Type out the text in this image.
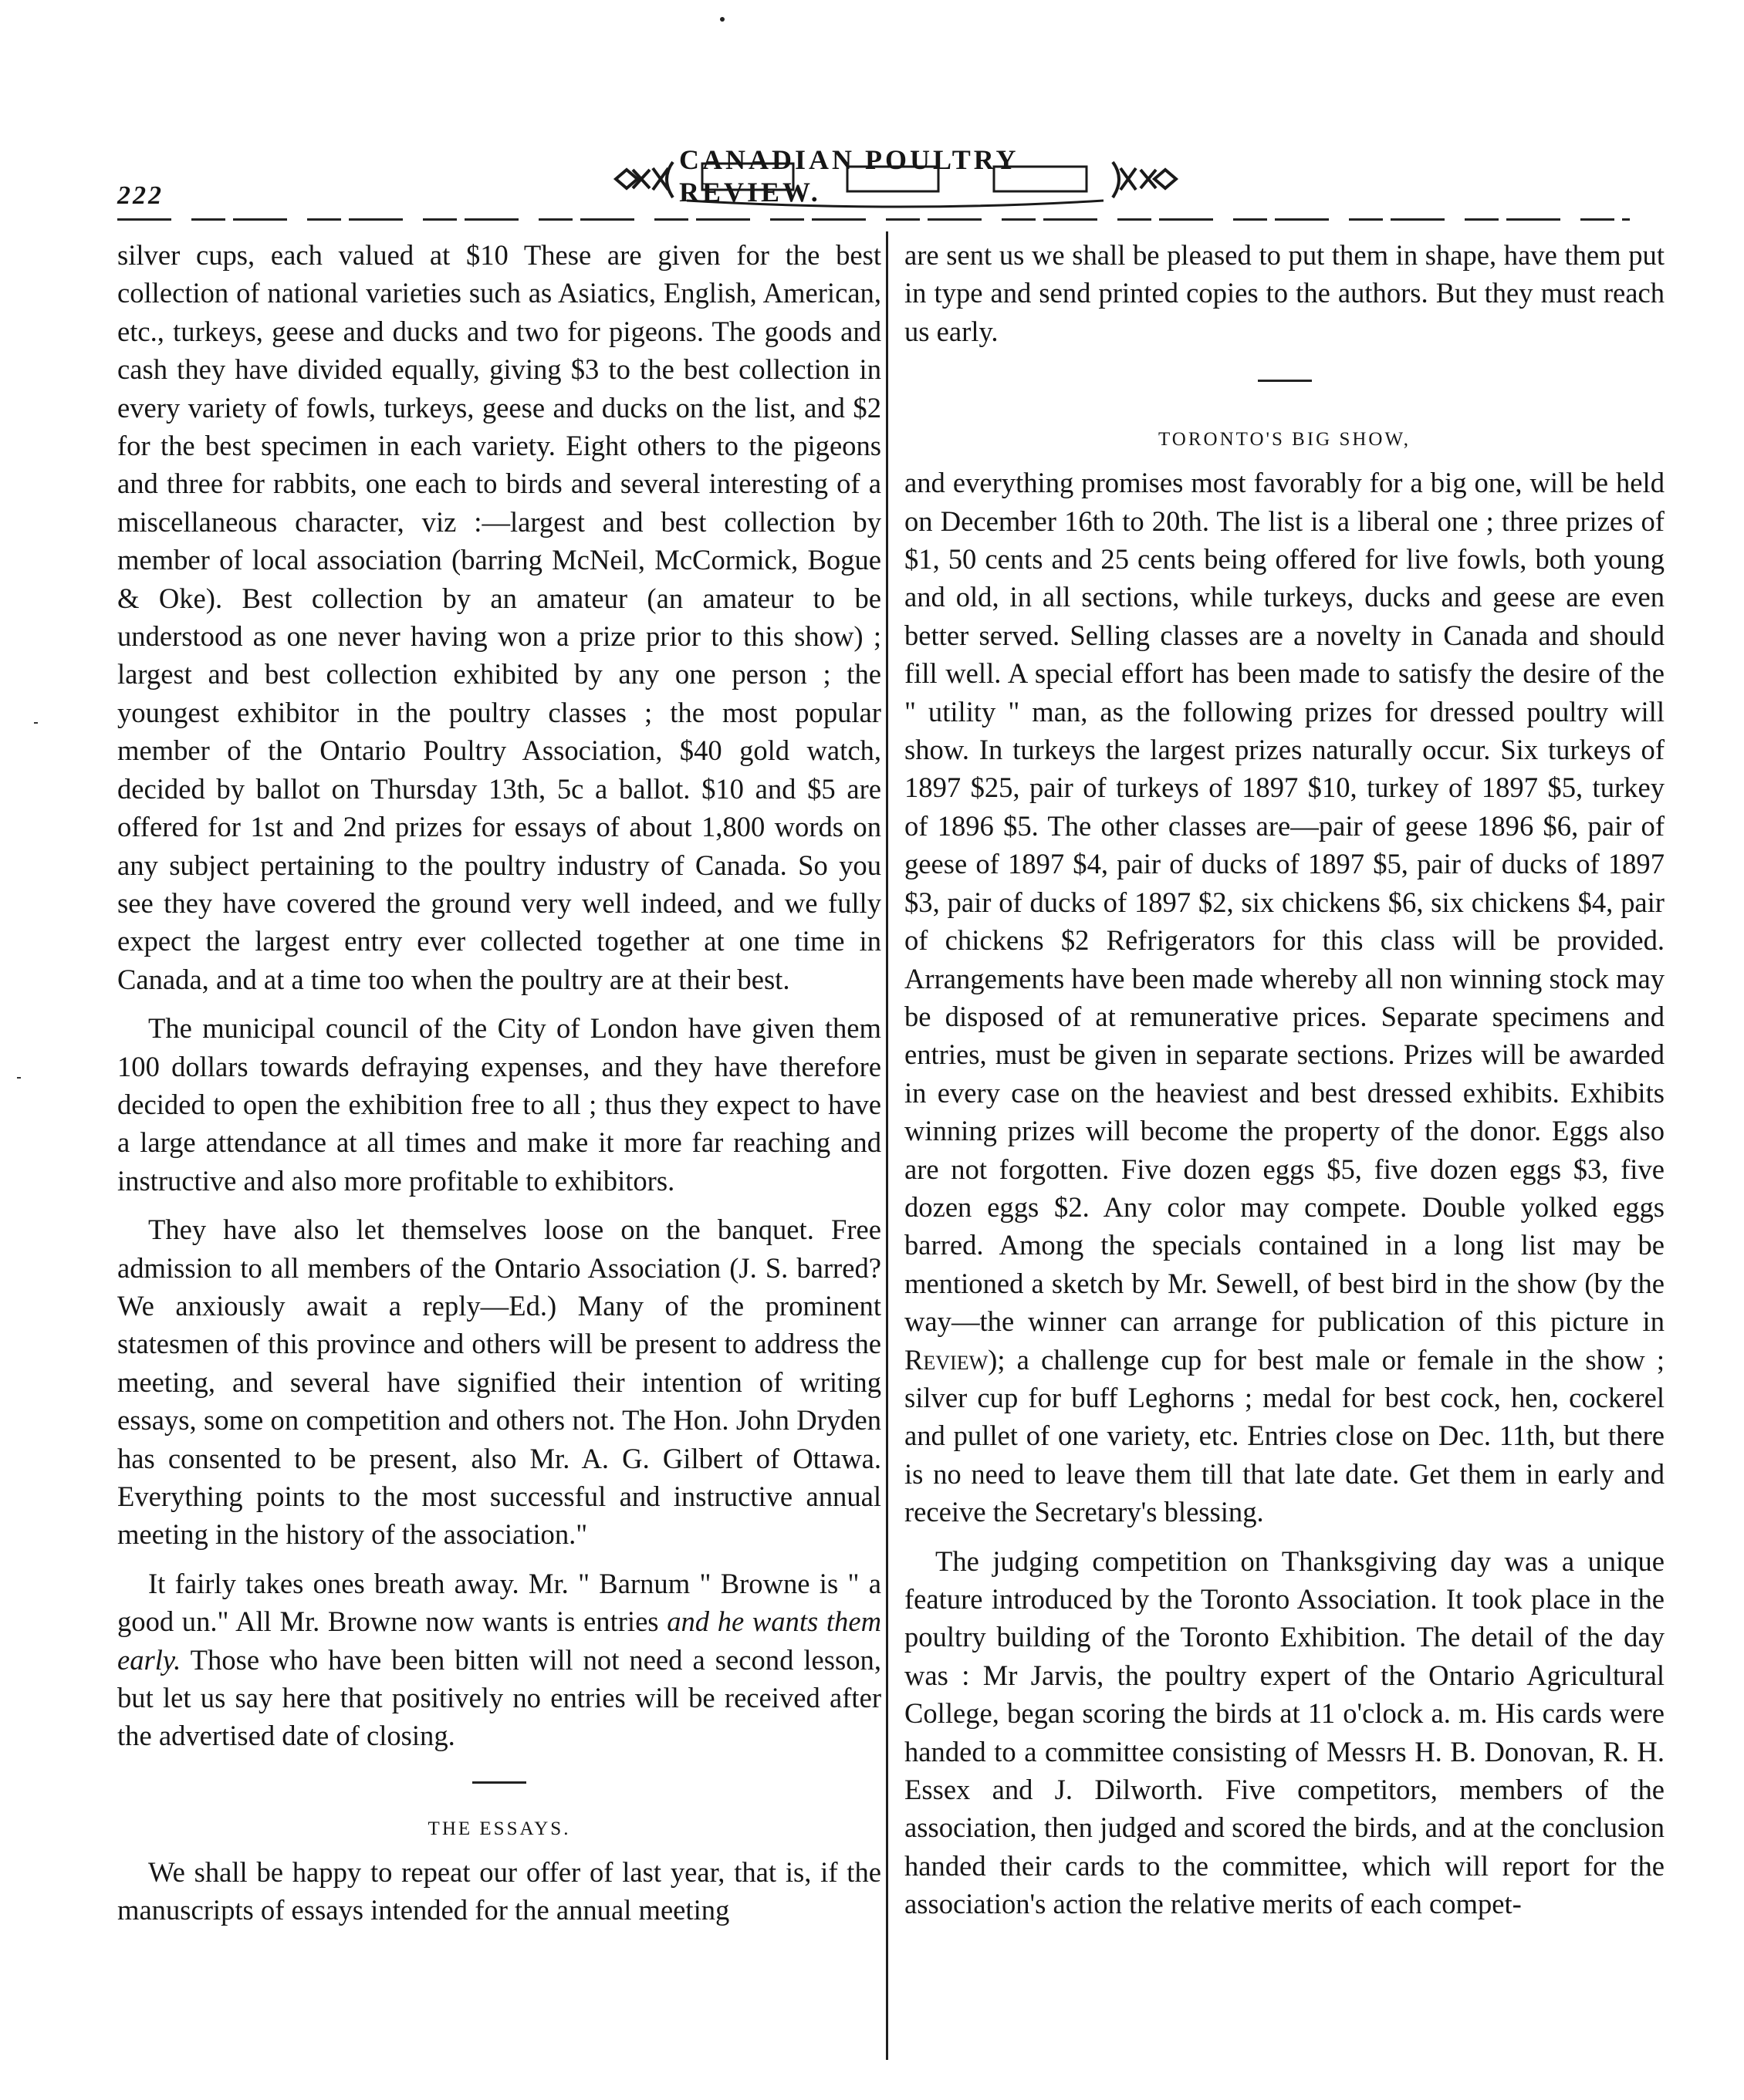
222
CANADIAN POULTRY REVIEW.

silver cups, each valued at $10 These are given for the best collection of national varieties such as Asiatics, English, American, etc., turkeys, geese and ducks and two for pigeons. The goods and cash they have divided equally, giving $3 to the best collection in every variety of fowls, turkeys, geese and ducks on the list, and $2 for the best specimen in each variety. Eight others to the pigeons and three for rabbits, one each to birds and several interesting of a miscellaneous character, viz :—largest and best collection by member of local association (barring McNeil, McCormick, Bogue & Oke). Best collection by an amateur (an amateur to be understood as one never having won a prize prior to this show) ; largest and best collection exhibited by any one person ; the youngest exhibitor in the poultry classes ; the most popular member of the Ontario Poultry Association, $40 gold watch, decided by ballot on Thursday 13th, 5c a ballot. $10 and $5 are offered for 1st and 2nd prizes for essays of about 1,800 words on any subject pertaining to the poultry industry of Canada. So you see they have covered the ground very well indeed, and we fully expect the largest entry ever collected together at one time in Canada, and at a time too when the poultry are at their best.

The municipal council of the City of London have given them 100 dollars towards defraying expenses, and they have therefore decided to open the exhibition free to all ; thus they expect to have a large attendance at all times and make it more far reaching and instructive and also more profitable to exhibitors.

They have also let themselves loose on the banquet. Free admission to all members of the Ontario Association (J. S. barred? We anxiously await a reply—Ed.) Many of the prominent statesmen of this province and others will be present to address the meeting, and several have signified their intention of writing essays, some on competition and others not. The Hon. John Dryden has consented to be present, also Mr. A. G. Gilbert of Ottawa. Everything points to the most successful and instructive annual meeting in the history of the association."

It fairly takes ones breath away. Mr. " Barnum " Browne is " a good un." All Mr. Browne now wants is entries and he wants them early. Those who have been bitten will not need a second lesson, but let us say here that positively no entries will be received after the advertised date of closing.

THE ESSAYS.

We shall be happy to repeat our offer of last year, that is, if the manuscripts of essays intended for the annual meeting

are sent us we shall be pleased to put them in shape, have them put in type and send printed copies to the authors. But they must reach us early.

TORONTO'S BIG SHOW,

and everything promises most favorably for a big one, will be held on December 16th to 20th. The list is a liberal one ; three prizes of $1, 50 cents and 25 cents being offered for live fowls, both young and old, in all sections, while turkeys, ducks and geese are even better served. Selling classes are a novelty in Canada and should fill well. A special effort has been made to satisfy the desire of the " utility " man, as the following prizes for dressed poultry will show. In turkeys the largest prizes naturally occur. Six turkeys of 1897 $25, pair of turkeys of 1897 $10, turkey of 1897 $5, turkey of 1896 $5. The other classes are—pair of geese 1896 $6, pair of geese of 1897 $4, pair of ducks of 1897 $5, pair of ducks of 1897 $3, pair of ducks of 1897 $2, six chickens $6, six chickens $4, pair of chickens $2 Refrigerators for this class will be provided. Arrangements have been made whereby all non winning stock may be disposed of at remunerative prices. Separate specimens and entries, must be given in separate sections. Prizes will be awarded in every case on the heaviest and best dressed exhibits. Exhibits winning prizes will become the property of the donor. Eggs also are not forgotten. Five dozen eggs $5, five dozen eggs $3, five dozen eggs $2. Any color may compete. Double yolked eggs barred. Among the specials contained in a long list may be mentioned a sketch by Mr. Sewell, of best bird in the show (by the way—the winner can arrange for publication of this picture in Review); a challenge cup for best male or female in the show ; silver cup for buff Leghorns ; medal for best cock, hen, cockerel and pullet of one variety, etc. Entries close on Dec. 11th, but there is no need to leave them till that late date. Get them in early and receive the Secretary's blessing.

The judging competition on Thanksgiving day was a unique feature introduced by the Toronto Association. It took place in the poultry building of the Toronto Exhibition. The detail of the day was : Mr Jarvis, the poultry expert of the Ontario Agricultural College, began scoring the birds at 11 o'clock a. m. His cards were handed to a committee consisting of Messrs H. B. Donovan, R. H. Essex and J. Dilworth. Five competitors, members of the association, then judged and scored the birds, and at the conclusion handed their cards to the committee, which will report for the association's action the relative merits of each compet-
